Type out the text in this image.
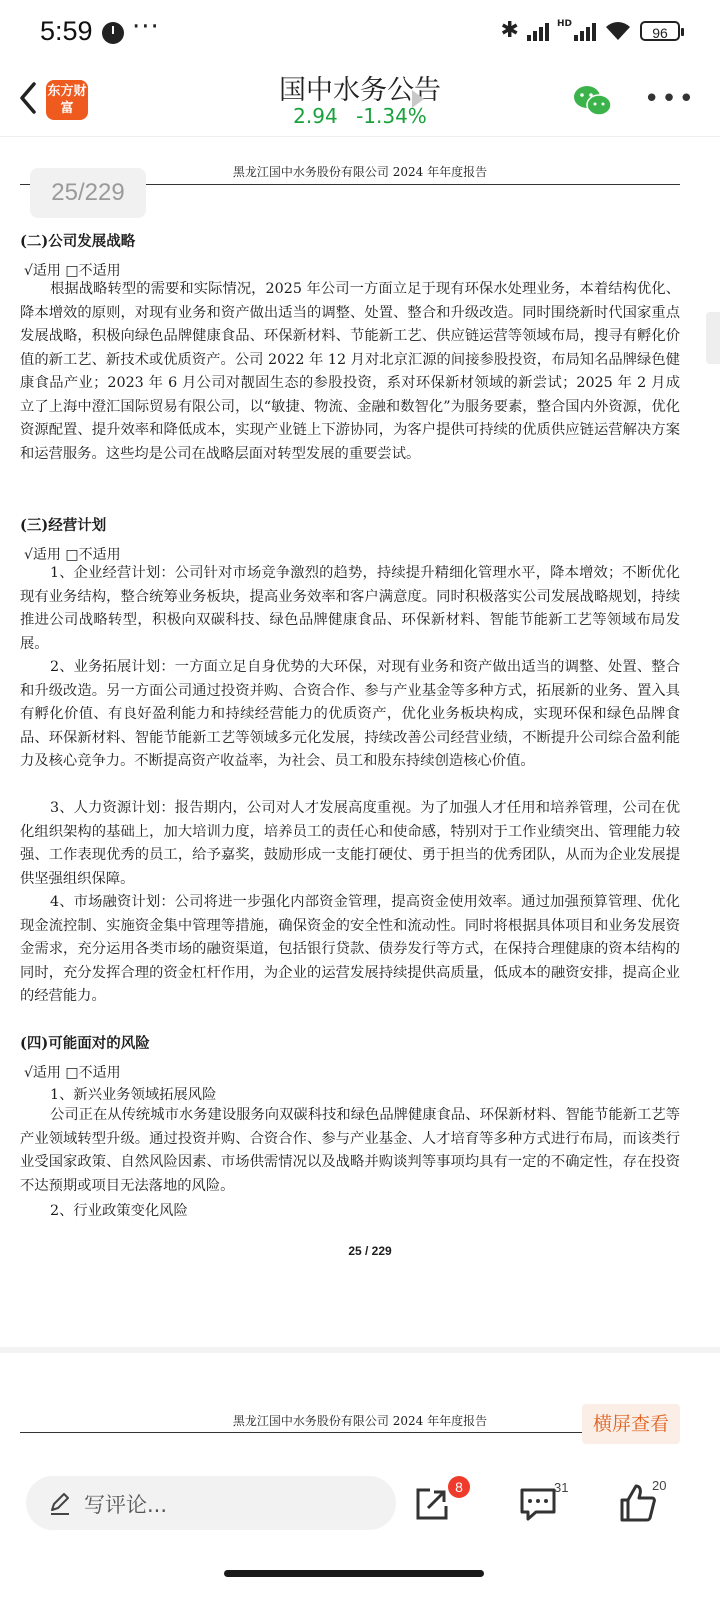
5:59 ···	✱	HD
96
东方财富
国中水务公告
2.94 -1.34%
•••
黑龙江国中水务股份有限公司 2024 年年度报告
(二)公司发展战略
√适用 □不适用
根据战略转型的需要和实际情况，2025 年公司一方面立足于现有环保水处理业务，本着结构优化、降本增效的原则，对现有业务和资产做出适当的调整、处置、整合和升级改造。同时围绕新时代国家重点发展战略，积极向绿色品牌健康食品、环保新材料、节能新工艺、供应链运营等领域布局，搜寻有孵化价值的新工艺、新技术或优质资产。公司 2022 年 12 月对北京汇源的间接参股投资，布局知名品牌绿色健康食品产业；2023 年 6 月公司对靓固生态的参股投资，系对环保新材领域的新尝试；2025 年 2 月成立了上海中澄汇国际贸易有限公司，以“敏捷、物流、金融和数智化”为服务要素，整合国内外资源，优化资源配置、提升效率和降低成本，实现产业链上下游协同，为客户提供可持续的优质供应链运营解决方案和运营服务。这些均是公司在战略层面对转型发展的重要尝试。
(三)经营计划
√适用 □不适用
1、企业经营计划：公司针对市场竞争激烈的趋势，持续提升精细化管理水平，降本增效；不断优化现有业务结构，整合统筹业务板块，提高业务效率和客户满意度。同时积极落实公司发展战略规划，持续推进公司战略转型，积极向双碳科技、绿色品牌健康食品、环保新材料、智能节能新工艺等领域布局发展。
2、业务拓展计划：一方面立足自身优势的大环保，对现有业务和资产做出适当的调整、处置、整合和升级改造。另一方面公司通过投资并购、合资合作、参与产业基金等多种方式，拓展新的业务、置入具有孵化价值、有良好盈利能力和持续经营能力的优质资产，优化业务板块构成，实现环保和绿色品牌食品、环保新材料、智能节能新工艺等领域多元化发展，持续改善公司经营业绩，不断提升公司综合盈利能力及核心竞争力。不断提高资产收益率，为社会、员工和股东持续创造核心价值。
3、人力资源计划：报告期内，公司对人才发展高度重视。为了加强人才任用和培养管理，公司在优化组织架构的基础上，加大培训力度，培养员工的责任心和使命感，特别对于工作业绩突出、管理能力较强、工作表现优秀的员工，给予嘉奖，鼓励形成一支能打硬仗、勇于担当的优秀团队，从而为企业发展提供坚强组织保障。
4、市场融资计划：公司将进一步强化内部资金管理，提高资金使用效率。通过加强预算管理、优化现金流控制、实施资金集中管理等措施，确保资金的安全性和流动性。同时将根据具体项目和业务发展资金需求，充分运用各类市场的融资渠道，包括银行贷款、债券发行等方式，在保持合理健康的资本结构的同时，充分发挥合理的资金杠杆作用，为企业的运营发展持续提供高质量，低成本的融资安排，提高企业的经营能力。
(四)可能面对的风险
√适用 □不适用
1、新兴业务领域拓展风险
公司正在从传统城市水务建设服务向双碳科技和绿色品牌健康食品、环保新材料、智能节能新工艺等产业领域转型升级。通过投资并购、合资合作、参与产业基金、人才培育等多种方式进行布局，而该类行业受国家政策、自然风险因素、市场供需情况以及战略并购谈判等事项均具有一定的不确定性，存在投资不达预期或项目无法落地的风险。
2、行业政策变化风险
25 / 229
25/229
黑龙江国中水务股份有限公司 2024 年年度报告	横屏查看
写评论...
8	31	20
